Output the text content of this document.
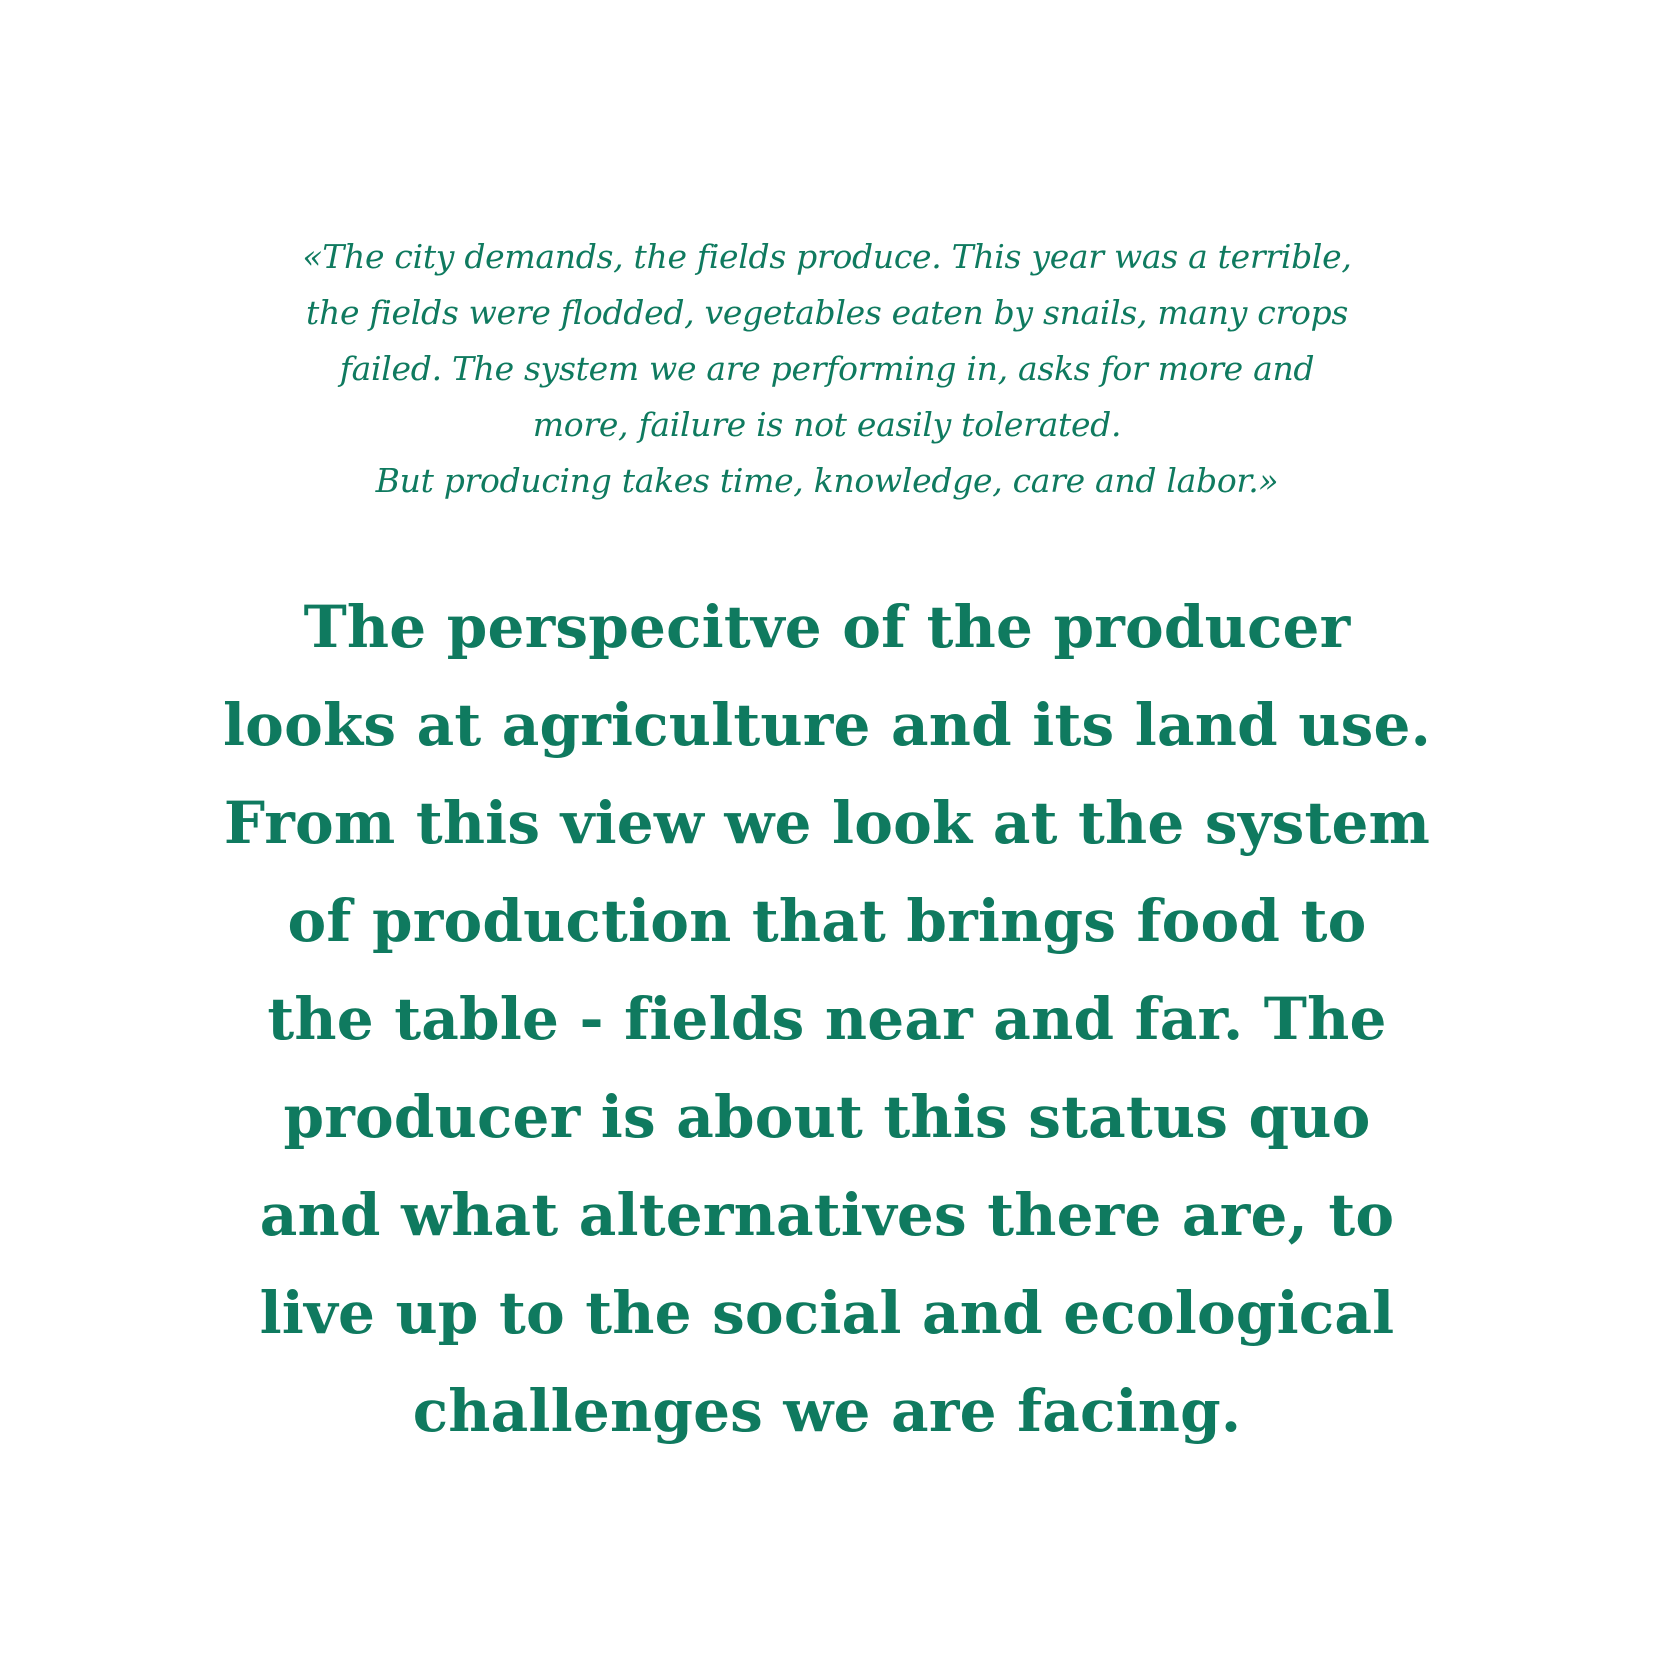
«The city demands, the fields produce. This year was a terrible,
the fields were flodded, vegetables eaten by snails, many crops
failed. The system we are performing in, asks for more and
more, failure is not easily tolerated.
But producing takes time, knowledge, care and labor.»
The perspecitve of the producer
looks at agriculture and its land use.
From this view we look at the system
of production that brings food to
the table - fields near and far. The
producer is about this status quo
and what alternatives there are, to
live up to the social and ecological
challenges we are facing.
